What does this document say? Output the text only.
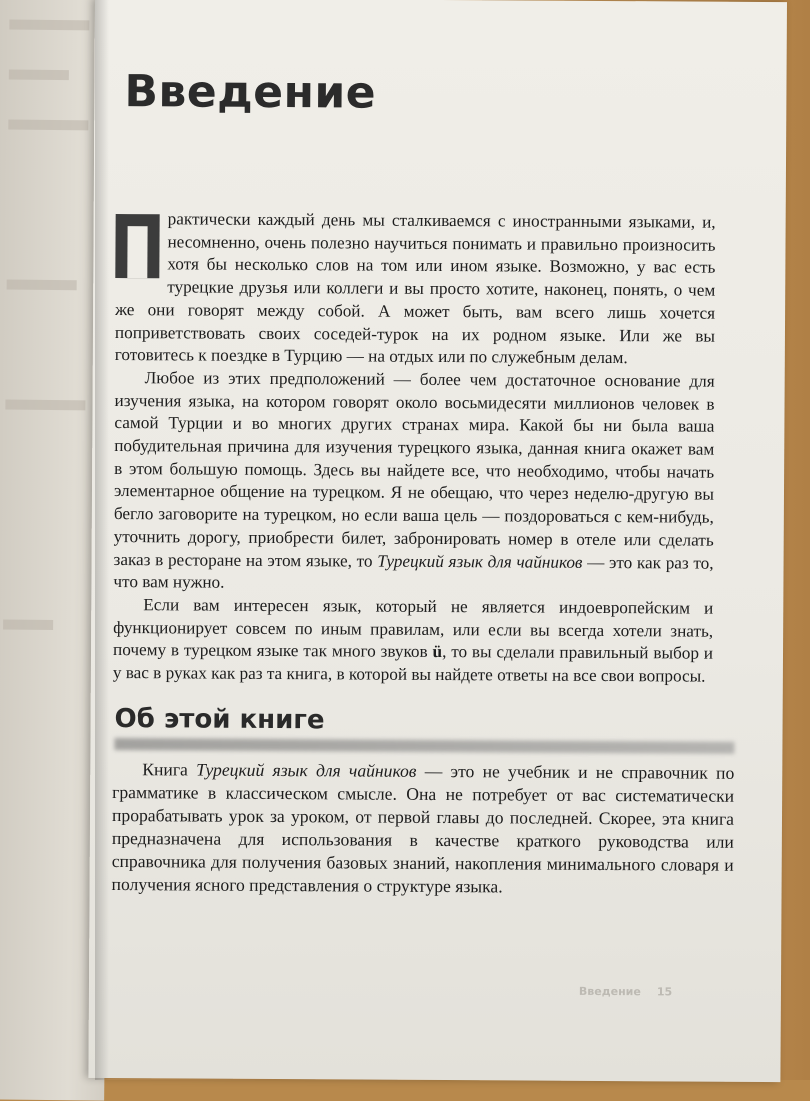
Введение

рактически каждый день мы сталкиваемся с иностранными языками, и, несомненно, очень полезно научиться понимать и правильно произносить хотя бы несколько слов на том или ином языке. Возможно, у вас есть турецкие друзья или коллеги и вы просто хотите, наконец, понять, о чем же они говорят между собой. А может быть, вам всего лишь хочется поприветствовать своих соседей-турок на их родном языке. Или же вы готовитесь к поездке в Турцию — на отдых или по служебным делам.

Любое из этих предположений — более чем достаточное основание для изучения языка, на котором говорят около восьмидесяти миллионов человек в самой Турции и во многих других странах мира. Какой бы ни была ваша побудительная причина для изучения турецкого языка, данная книга окажет вам в этом большую помощь. Здесь вы найдете все, что необходимо, чтобы начать элементарное общение на турецком. Я не обещаю, что через неделю-другую вы бегло заговорите на турецком, но если ваша цель — поздороваться с кем-нибудь, уточнить дорогу, приобрести билет, забронировать номер в отеле или сделать заказ в ресторане на этом языке, то Турецкий язык для чайников — это как раз то, что вам нужно.

Если вам интересен язык, который не является индоевропейским и функционирует совсем по иным правилам, или если вы всегда хотели знать, почему в турецком языке так много звуков ü, то вы сделали правильный выбор и у вас в руках как раз та книга, в которой вы найдете ответы на все свои вопросы.

Об этой книге

Книга Турецкий язык для чайников — это не учебник и не справочник по грамматике в классическом смысле. Она не потребует от вас систематически прорабатывать урок за уроком, от первой главы до последней. Скорее, эта книга предназначена для использования в качестве краткого руководства или справочника для получения базовых знаний, накопления минимального словаря и получения ясного представления о структуре языка.

Введение 15
